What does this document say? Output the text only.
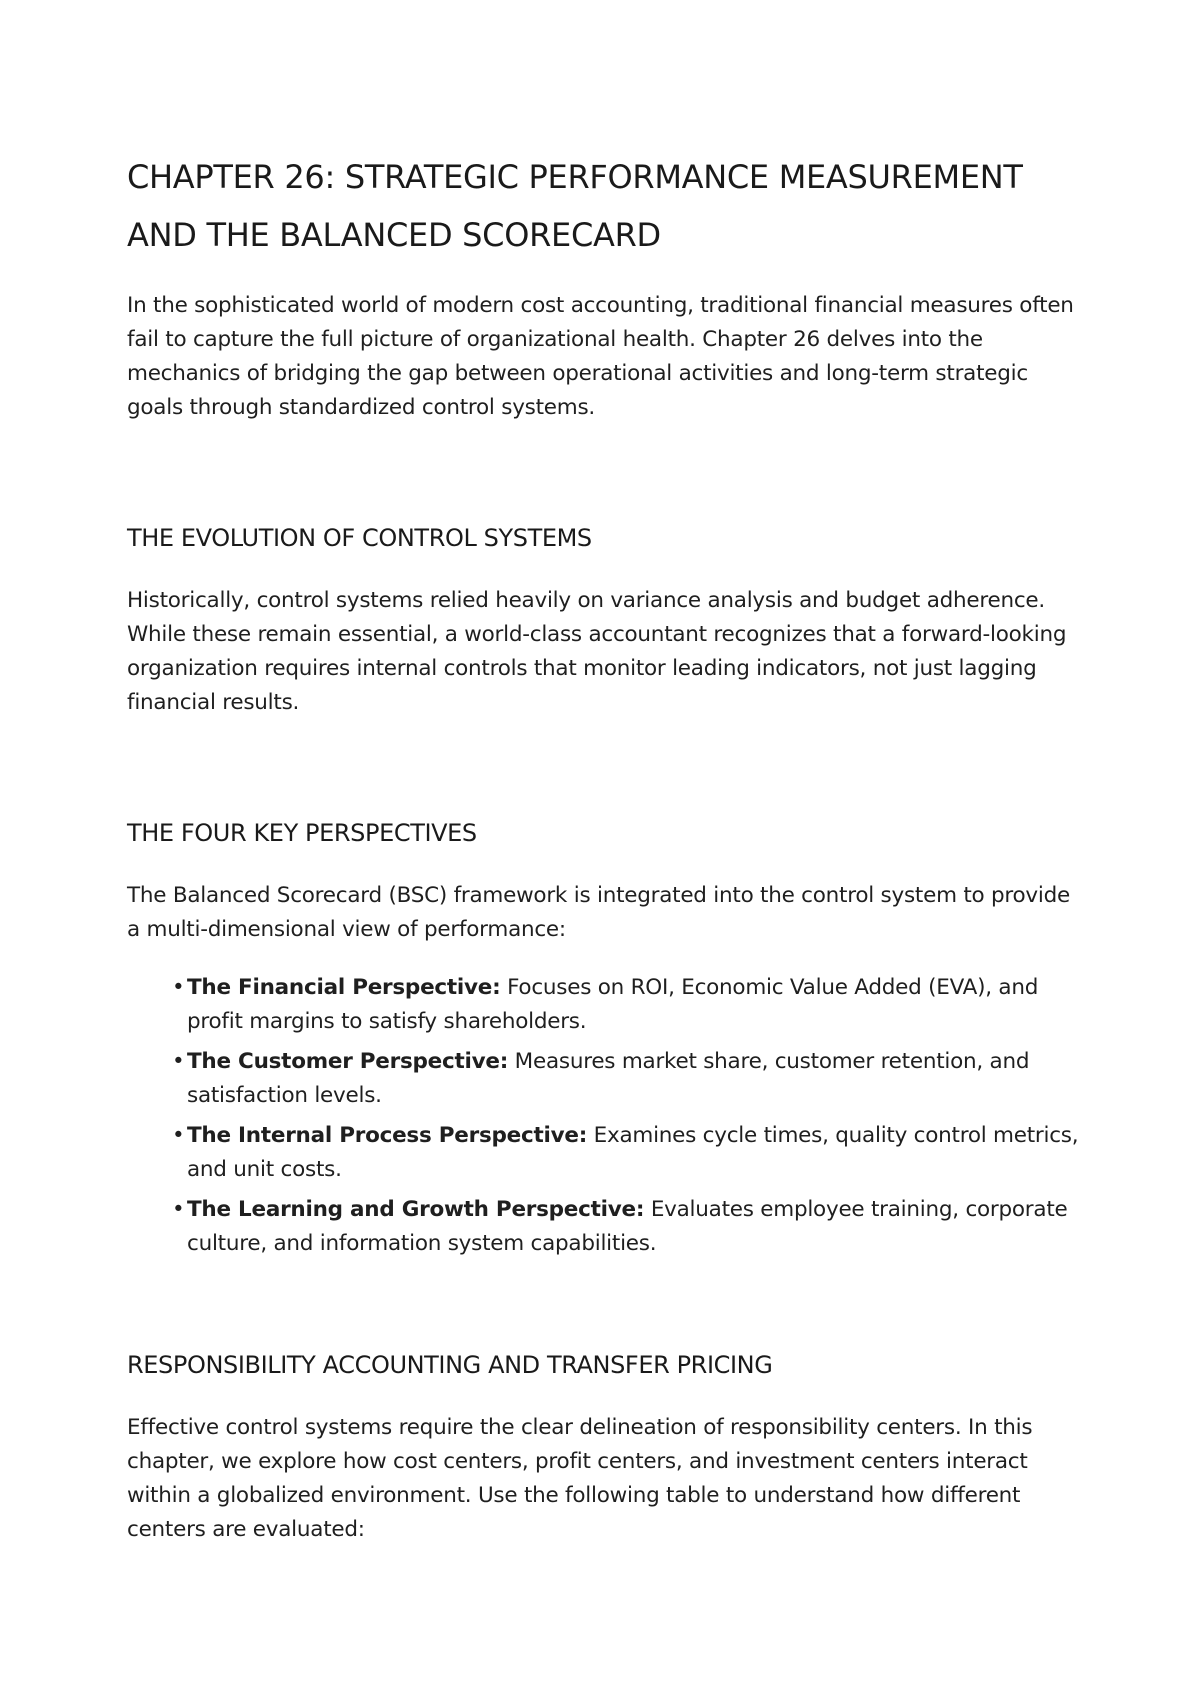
CHAPTER 26: STRATEGIC PERFORMANCE MEASUREMENT AND THE BALANCED SCORECARD

In the sophisticated world of modern cost accounting, traditional financial measures often fail to capture the full picture of organizational health. Chapter 26 delves into the mechanics of bridging the gap between operational activities and long-term strategic goals through standardized control systems.

THE EVOLUTION OF CONTROL SYSTEMS

Historically, control systems relied heavily on variance analysis and budget adherence. While these remain essential, a world-class accountant recognizes that a forward-looking organization requires internal controls that monitor leading indicators, not just lagging financial results.

THE FOUR KEY PERSPECTIVES

The Balanced Scorecard (BSC) framework is integrated into the control system to provide a multi-dimensional view of performance:

• The Financial Perspective: Focuses on ROI, Economic Value Added (EVA), and profit margins to satisfy shareholders.
• The Customer Perspective: Measures market share, customer retention, and satisfaction levels.
• The Internal Process Perspective: Examines cycle times, quality control metrics, and unit costs.
• The Learning and Growth Perspective: Evaluates employee training, corporate culture, and information system capabilities.
RESPONSIBILITY ACCOUNTING AND TRANSFER PRICING

Effective control systems require the clear delineation of responsibility centers. In this chapter, we explore how cost centers, profit centers, and investment centers interact within a globalized environment. Use the following table to understand how different centers are evaluated:
